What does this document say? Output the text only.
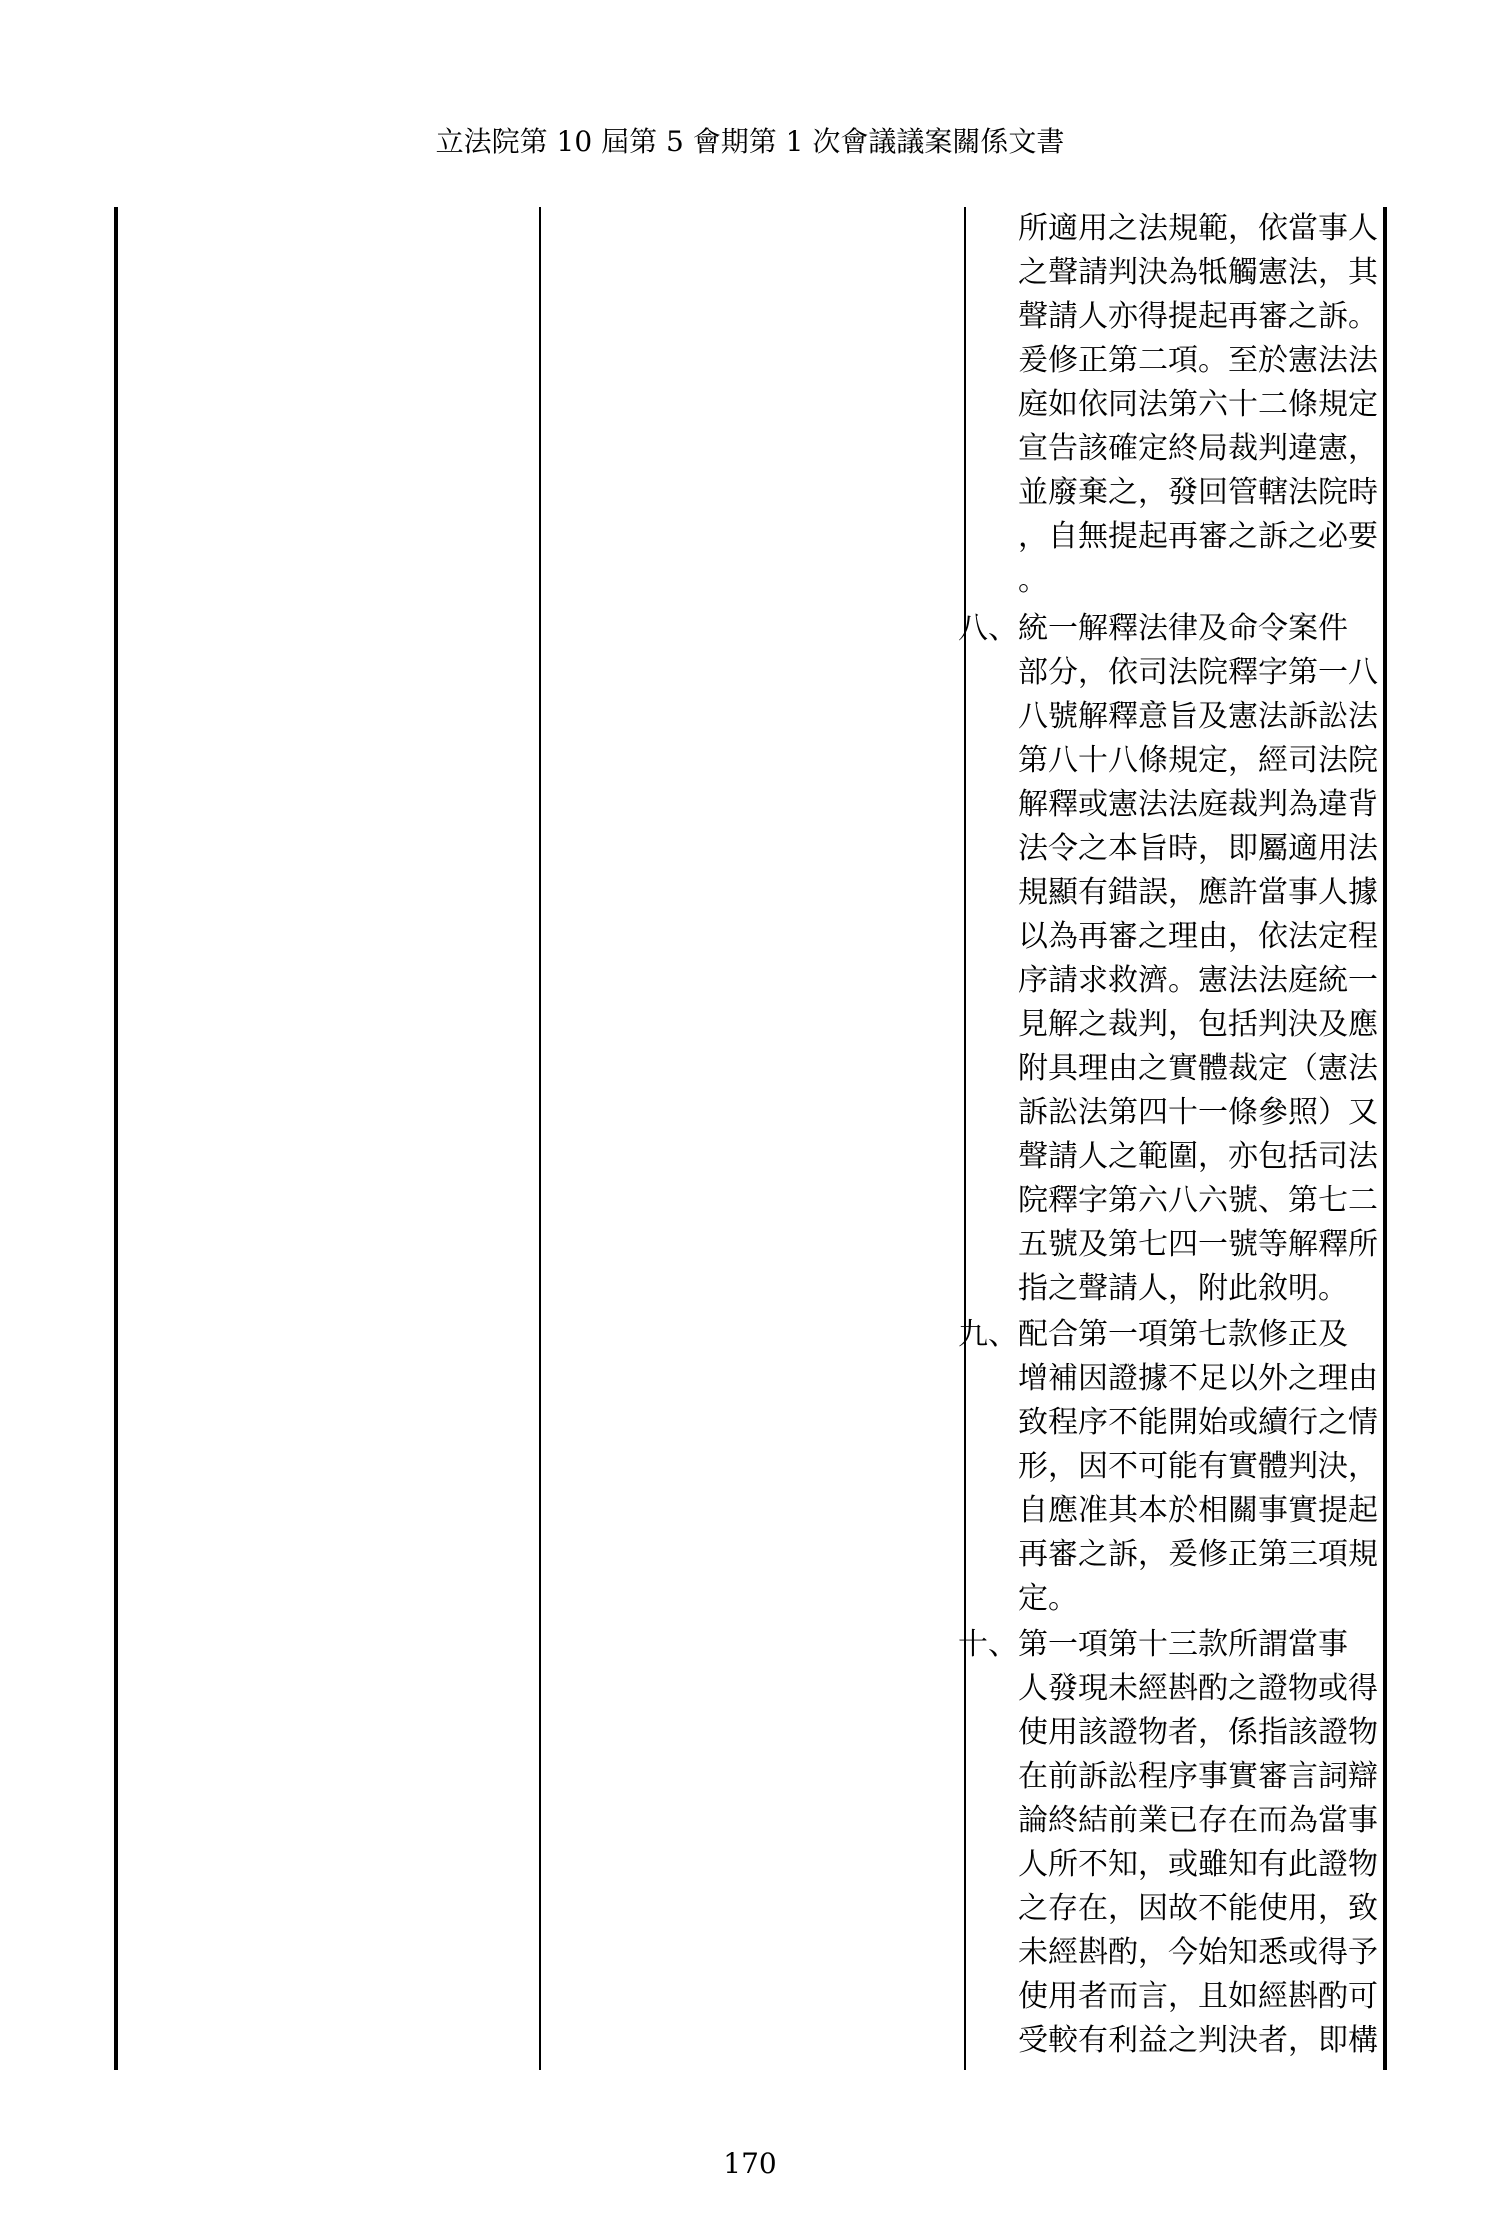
立法院第 10 屆第 5 會期第 1 次會議議案關係文書
所適用之法規範，依當事人
之聲請判決為牴觸憲法，其
聲請人亦得提起再審之訴。
爰修正第二項。至於憲法法
庭如依同法第六十二條規定
宣告該確定終局裁判違憲，
並廢棄之，發回管轄法院時
，自無提起再審之訴之必要
。
八、 統一解釋法律及命令案件
部分，依司法院釋字第一八
八號解釋意旨及憲法訴訟法
第八十八條規定，經司法院
解釋或憲法法庭裁判為違背
法令之本旨時，即屬適用法
規顯有錯誤，應許當事人據
以為再審之理由，依法定程
序請求救濟。憲法法庭統一
見解之裁判，包括判決及應
附具理由之實體裁定（憲法
訴訟法第四十一條參照）又
聲請人之範圍，亦包括司法
院釋字第六八六號、第七二
五號及第七四一號等解釋所
指之聲請人，附此敘明。
九、 配合第一項第七款修正及
增補因證據不足以外之理由
致程序不能開始或續行之情
形，因不可能有實體判決，
自應准其本於相關事實提起
再審之訴，爰修正第三項規
定。
十、 第一項第十三款所謂當事
人發現未經斟酌之證物或得
使用該證物者，係指該證物
在前訴訟程序事實審言詞辯
論終結前業已存在而為當事
人所不知，或雖知有此證物
之存在，因故不能使用，致
未經斟酌，今始知悉或得予
使用者而言，且如經斟酌可
受較有利益之判決者，即構
170
